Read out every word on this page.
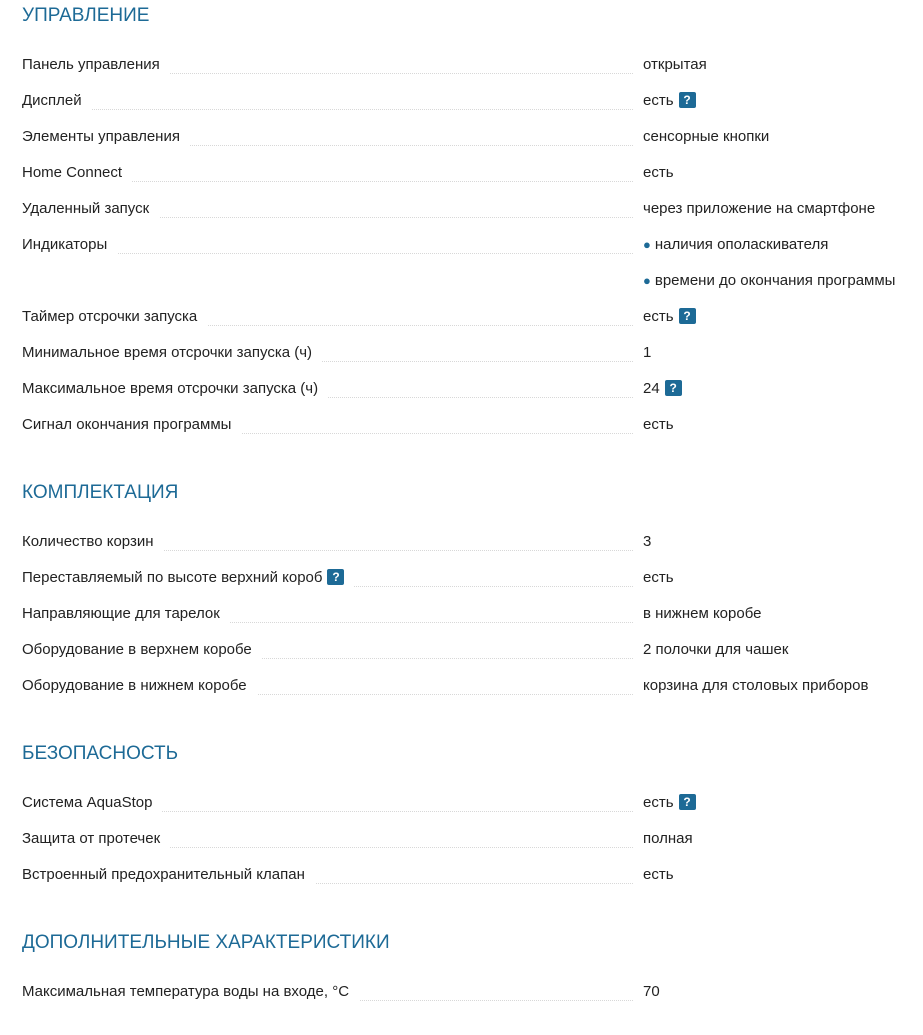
УПРАВЛЕНИЕ
Панель управления	открытая
Дисплей	есть ?
Элементы управления	сенсорные кнопки
Home Connect	есть
Удаленный запуск	через приложение на смартфоне
Индикаторы	● наличия ополаскивателя
● времени до окончания программы
Таймер отсрочки запуска	есть ?
Минимальное время отсрочки запуска (ч)	1
Максимальное время отсрочки запуска (ч)	24 ?
Сигнал окончания программы	есть
КОМПЛЕКТАЦИЯ
Количество корзин	3
Переставляемый по высоте верхний короб ?	есть
Направляющие для тарелок	в нижнем коробе
Оборудование в верхнем коробе	2 полочки для чашек
Оборудование в нижнем коробе	корзина для столовых приборов
БЕЗОПАСНОСТЬ
Система AquaStop	есть ?
Защита от протечек	полная
Встроенный предохранительный клапан	есть
ДОПОЛНИТЕЛЬНЫЕ ХАРАКТЕРИСТИКИ
Максимальная температура воды на входе, °С	70
